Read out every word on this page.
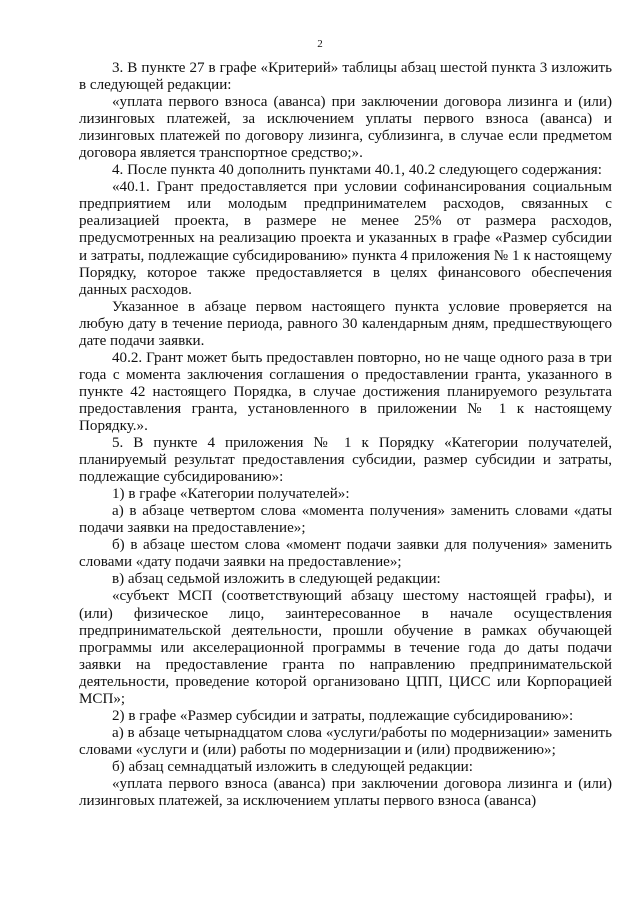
2

3. В пункте 27 в графе «Критерий» таблицы абзац шестой пункта 3 изложить в следующей редакции:

«уплата первого взноса (аванса) при заключении договора лизинга и (или) лизинговых платежей, за исключением уплаты первого взноса (аванса) и лизинговых платежей по договору лизинга, сублизинга, в случае если предметом договора является транспортное средство;».

4. После пункта 40 дополнить пунктами 40.1, 40.2 следующего содержания:

«40.1. Грант предоставляется при условии софинансирования социальным предприятием или молодым предпринимателем расходов, связанных с реализацией проекта, в размере не менее 25% от размера расходов, предусмотренных на реализацию проекта и указанных в графе «Размер субсидии и затраты, подлежащие субсидированию» пункта 4 приложения № 1 к настоящему Порядку, которое также предоставляется в целях финансового обеспечения данных расходов.

Указанное в абзаце первом настоящего пункта условие проверяется на любую дату в течение периода, равного 30 календарным дням, предшествующего дате подачи заявки.

40.2. Грант может быть предоставлен повторно, но не чаще одного раза в три года с момента заключения соглашения о предоставлении гранта, указанного в пункте 42 настоящего Порядка, в случае достижения планируемого результата предоставления гранта, установленного в приложении № 1 к настоящему Порядку.».

5. В пункте 4 приложения № 1 к Порядку «Категории получателей, планируемый результат предоставления субсидии, размер субсидии и затраты, подлежащие субсидированию»:

1) в графе «Категории получателей»:

а) в абзаце четвертом слова «момента получения» заменить словами «даты подачи заявки на предоставление»;

б) в абзаце шестом слова «момент подачи заявки для получения» заменить словами «дату подачи заявки на предоставление»;

в) абзац седьмой изложить в следующей редакции:

«субъект МСП (соответствующий абзацу шестому настоящей графы), и (или) физическое лицо, заинтересованное в начале осуществления предпринимательской деятельности, прошли обучение в рамках обучающей программы или акселерационной программы в течение года до даты подачи заявки на предоставление гранта по направлению предпринимательской деятельности, проведение которой организовано ЦПП, ЦИСС или Корпорацией МСП»;

2) в графе «Размер субсидии и затраты, подлежащие субсидированию»:

а) в абзаце четырнадцатом слова «услуги/работы по модернизации» заменить словами «услуги и (или) работы по модернизации и (или) продвижению»;

б) абзац семнадцатый изложить в следующей редакции:

«уплата первого взноса (аванса) при заключении договора лизинга и (или) лизинговых платежей, за исключением уплаты первого взноса (аванса)
